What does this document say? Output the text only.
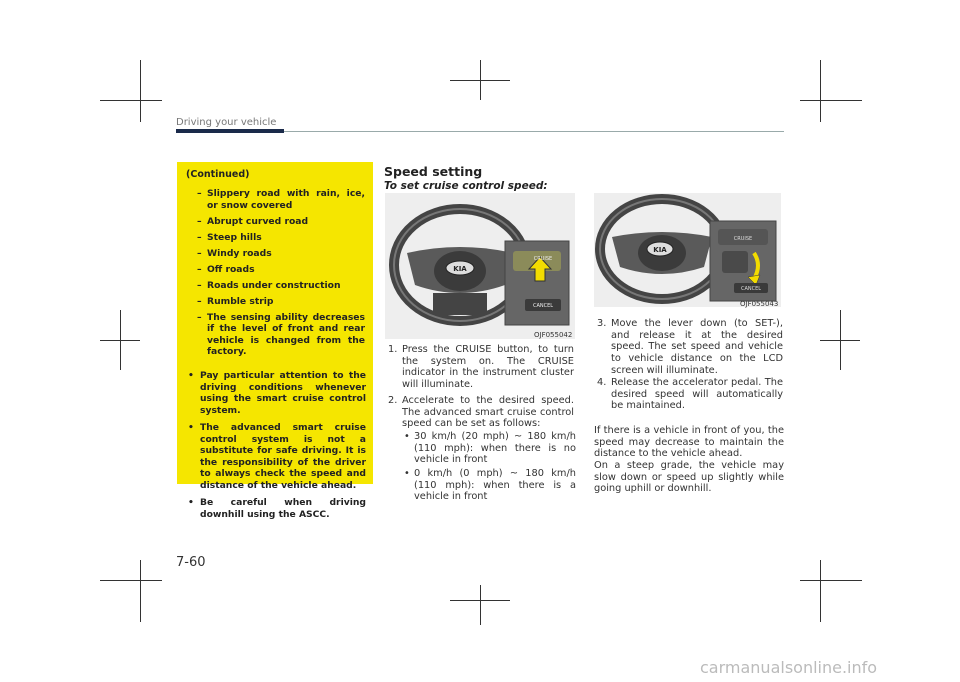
Driving your vehicle
(Continued)
– Slippery road with rain, ice, or snow covered
– Abrupt curved road
– Steep hills
– Windy roads
– Off roads
– Roads under construction
– Rumble strip
– The sensing ability decreases if the level of front and rear vehicle is changed from the factory.
• Pay particular attention to the driving conditions whenever using the smart cruise control system.
• The advanced smart cruise control system is not a substitute for safe driving. It is the responsibility of the driver to always check the speed and distance of the vehicle ahead.
• Be careful when driving downhill using the ASCC.
Speed setting
To set cruise control speed:
KIA
CRUISE
CANCEL
OJF055042
KIA
CRUISE
CANCEL
OJF055043
1. Press the CRUISE button, to turn the system on. The CRUISE indicator in the instrument cluster will illuminate.
2. Accelerate to the desired speed. The advanced smart cruise control speed can be set as follows:
• 30 km/h (20 mph) ~ 180 km/h (110 mph): when there is no vehicle in front
• 0 km/h (0 mph) ~ 180 km/h (110 mph): when there is a vehicle in front
3. Move the lever down (to SET-), and release it at the desired speed. The set speed and vehicle to vehicle distance on the LCD screen will illuminate.
4. Release the accelerator pedal. The desired speed will automatically be maintained.
If there is a vehicle in front of you, the speed may decrease to maintain the distance to the vehicle ahead.
On a steep grade, the vehicle may slow down or speed up slightly while going uphill or downhill.
7-60
carmanualsonline.info
